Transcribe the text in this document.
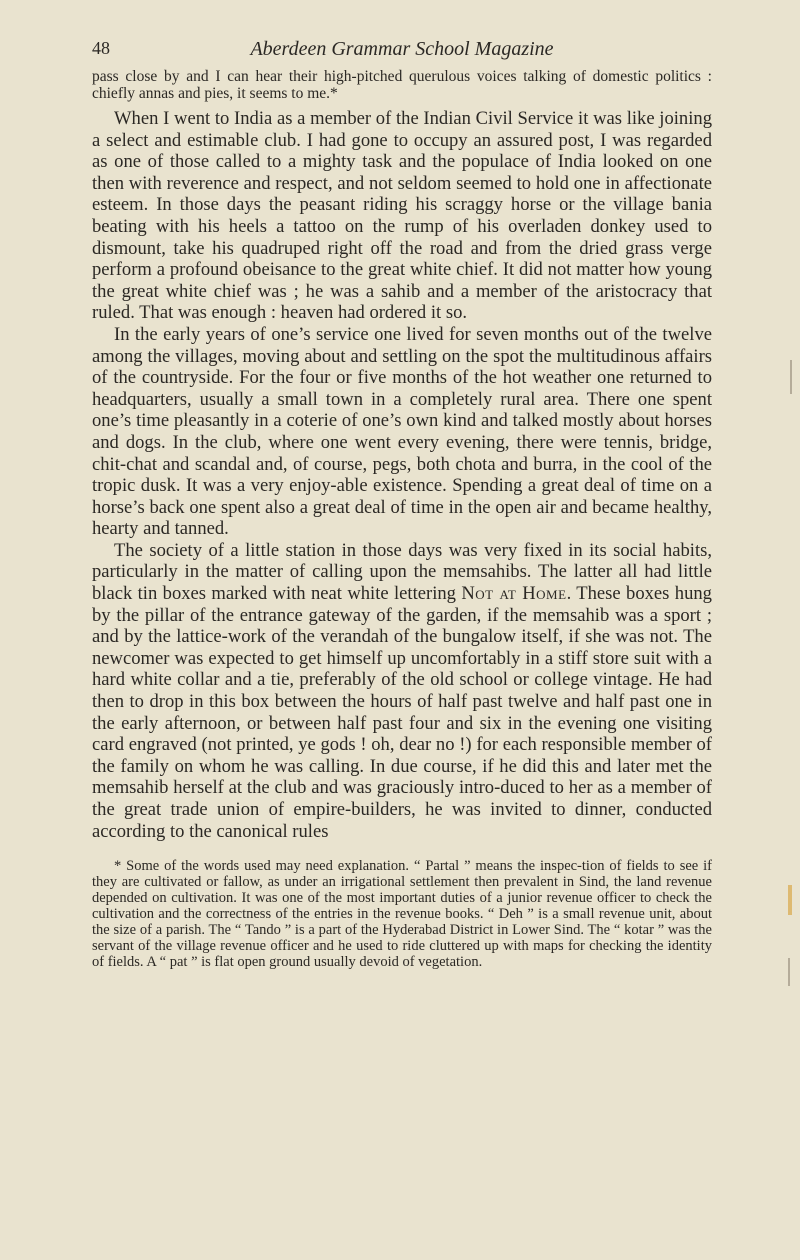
48	Aberdeen Grammar School Magazine

pass close by and I can hear their high-pitched querulous voices talking of domestic politics : chiefly annas and pies, it seems to me.*

When I went to India as a member of the Indian Civil Service it was like joining a select and estimable club. I had gone to occupy an assured post, I was regarded as one of those called to a mighty task and the populace of India looked on one then with reverence and respect, and not seldom seemed to hold one in affectionate esteem. In those days the peasant riding his scraggy horse or the village bania beating with his heels a tattoo on the rump of his overladen donkey used to dismount, take his quadruped right off the road and from the dried grass verge perform a profound obeisance to the great white chief. It did not matter how young the great white chief was ; he was a sahib and a member of the aristocracy that ruled. That was enough : heaven had ordered it so.

In the early years of one’s service one lived for seven months out of the twelve among the villages, moving about and settling on the spot the multitudinous affairs of the countryside. For the four or five months of the hot weather one returned to headquarters, usually a small town in a completely rural area. There one spent one’s time pleasantly in a coterie of one’s own kind and talked mostly about horses and dogs. In the club, where one went every evening, there were tennis, bridge, chit-chat and scandal and, of course, pegs, both chota and burra, in the cool of the tropic dusk. It was a very enjoy-able existence. Spending a great deal of time on a horse’s back one spent also a great deal of time in the open air and became healthy, hearty and tanned.

The society of a little station in those days was very fixed in its social habits, particularly in the matter of calling upon the memsahibs. The latter all had little black tin boxes marked with neat white lettering Not at Home. These boxes hung by the pillar of the entrance gateway of the garden, if the memsahib was a sport ; and by the lattice-work of the verandah of the bungalow itself, if she was not. The newcomer was expected to get himself up uncomfortably in a stiff store suit with a hard white collar and a tie, preferably of the old school or college vintage. He had then to drop in this box between the hours of half past twelve and half past one in the early afternoon, or between half past four and six in the evening one visiting card engraved (not printed, ye gods ! oh, dear no !) for each responsible member of the family on whom he was calling. In due course, if he did this and later met the memsahib herself at the club and was graciously intro-duced to her as a member of the great trade union of empire-builders, he was invited to dinner, conducted according to the canonical rules

* Some of the words used may need explanation. “ Partal ” means the inspec-tion of fields to see if they are cultivated or fallow, as under an irrigational settlement then prevalent in Sind, the land revenue depended on cultivation. It was one of the most important duties of a junior revenue officer to check the cultivation and the correctness of the entries in the revenue books. “ Deh ” is a small revenue unit, about the size of a parish. The “ Tando ” is a part of the Hyderabad District in Lower Sind. The “ kotar ” was the servant of the village revenue officer and he used to ride cluttered up with maps for checking the identity of fields. A “ pat ” is flat open ground usually devoid of vegetation.
